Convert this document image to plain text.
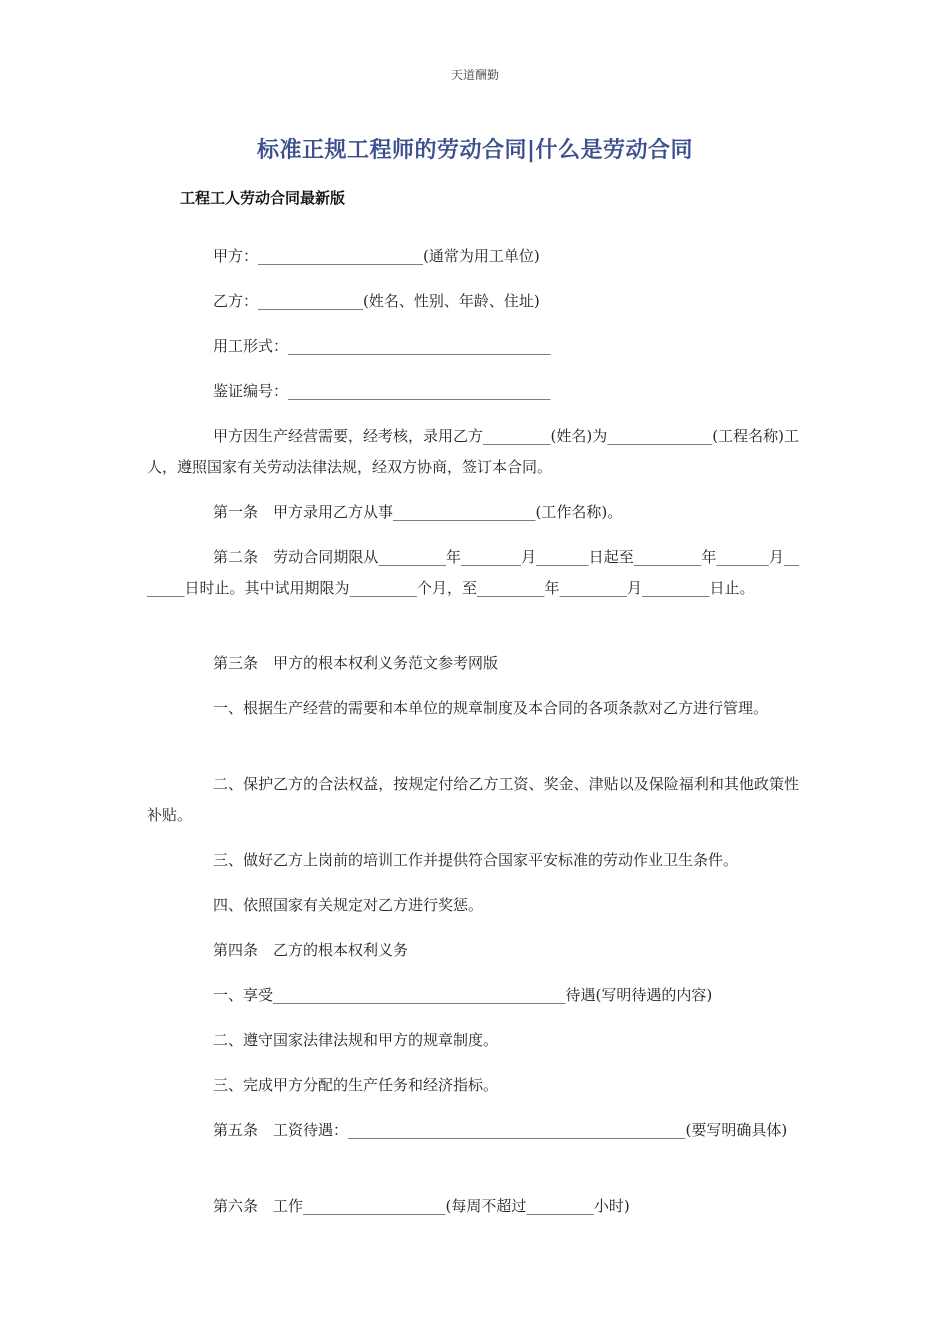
天道酬勤
标准正规工程师的劳动合同|什么是劳动合同
工程工人劳动合同最新版

甲方：______________________(通常为用工单位)

乙方：______________(姓名、性别、年龄、住址)

用工形式：___________________________________

鉴证编号：___________________________________

甲方因生产经营需要，经考核，录用乙方_________(姓名)为______________(工程名称)工人，遵照国家有关劳动法律法规，经双方协商，签订本合同。

第一条　甲方录用乙方从事___________________(工作名称)。

第二条　劳动合同期限从_________年________月_______日起至_________年_______月_______日时止。其中试用期限为_________个月，至_________年_________月_________日止。

第三条　甲方的根本权利义务范文参考网版

一、根据生产经营的需要和本单位的规章制度及本合同的各项条款对乙方进行管理。

二、保护乙方的合法权益，按规定付给乙方工资、奖金、津贴以及保险福利和其他政策性补贴。

三、做好乙方上岗前的培训工作并提供符合国家平安标准的劳动作业卫生条件。

四、依照国家有关规定对乙方进行奖惩。

第四条　乙方的根本权利义务

一、享受_______________________________________待遇(写明待遇的内容)

二、遵守国家法律法规和甲方的规章制度。

三、完成甲方分配的生产任务和经济指标。

第五条　工资待遇：_____________________________________________(要写明确具体)

第六条　工作___________________(每周不超过_________小时)
